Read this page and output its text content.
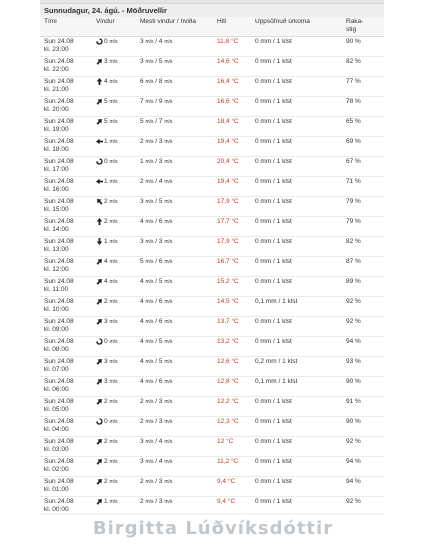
Sunnudagur, 24. ágú. - Möðruvellir
Tími	Vindur	Mesti vindur / hviða	Hiti	Uppsöfnuð úrkoma	Raka-
stig
Sun 24.08
kl. 23:00	0 m/s	3 m/s / 4 m/s	11,8 °C	0 mm / 1 klst	90 %
Sun 24.08
kl. 22:00	3 m/s	3 m/s / 5 m/s	14,6 °C	0 mm / 1 klst	82 %
Sun 24.08
kl. 21:00	4 m/s	6 m/s / 8 m/s	16,4 °C	0 mm / 1 klst	77 %
Sun 24.08
kl. 20:00	5 m/s	7 m/s / 9 m/s	16,6 °C	0 mm / 1 klst	78 %
Sun 24.08
kl. 19:00	5 m/s	5 m/s / 7 m/s	18,4 °C	0 mm / 1 klst	65 %
Sun 24.08
kl. 18:00	1 m/s	2 m/s / 3 m/s	19,4 °C	0 mm / 1 klst	69 %
Sun 24.08
kl. 17:00	0 m/s	1 m/s / 3 m/s	20,4 °C	0 mm / 1 klst	67 %
Sun 24.08
kl. 16:00	1 m/s	2 m/s / 4 m/s	19,4 °C	0 mm / 1 klst	71 %
Sun 24.08
kl. 15:00	2 m/s	3 m/s / 5 m/s	17,9 °C	0 mm / 1 klst	79 %
Sun 24.08
kl. 14:00	2 m/s	4 m/s / 6 m/s	17,7 °C	0 mm / 1 klst	79 %
Sun 24.08
kl. 13:00	1 m/s	3 m/s / 3 m/s	17,9 °C	0 mm / 1 klst	82 %
Sun 24.08
kl. 12:00	4 m/s	5 m/s / 6 m/s	16,7 °C	0 mm / 1 klst	87 %
Sun 24.08
kl. 11:00	4 m/s	4 m/s / 5 m/s	15,2 °C	0 mm / 1 klst	89 %
Sun 24.08
kl. 10:00	2 m/s	4 m/s / 6 m/s	14,5 °C	0,1 mm / 1 klst	92 %
Sun 24.08
kl. 09:00	3 m/s	4 m/s / 6 m/s	13,7 °C	0 mm / 1 klst	92 %
Sun 24.08
kl. 08:00	0 m/s	4 m/s / 5 m/s	13,2 °C	0 mm / 1 klst	94 %
Sun 24.08
kl. 07:00	3 m/s	4 m/s / 5 m/s	12,6 °C	0,2 mm / 1 klst	93 %
Sun 24.08
kl. 06:00	3 m/s	4 m/s / 6 m/s	12,8 °C	0,1 mm / 1 klst	90 %
Sun 24.08
kl. 05:00	2 m/s	2 m/s / 3 m/s	12,2 °C	0 mm / 1 klst	91 %
Sun 24.08
kl. 04:00	0 m/s	2 m/s / 3 m/s	12,3 °C	0 mm / 1 klst	90 %
Sun 24.08
kl. 03:00	2 m/s	3 m/s / 4 m/s	12 °C	0 mm / 1 klst	92 %
Sun 24.08
kl. 02:00	2 m/s	3 m/s / 4 m/s	11,2 °C	0 mm / 1 klst	94 %
Sun 24.08
kl. 01:00	2 m/s	2 m/s / 3 m/s	9,4 °C	0 mm / 1 klst	94 %
Sun 24.08
kl. 00:00	1 m/s	2 m/s / 3 m/s	9,4 °C	0 mm / 1 klst	92 %
Birgitta Lúðvíksdóttir
